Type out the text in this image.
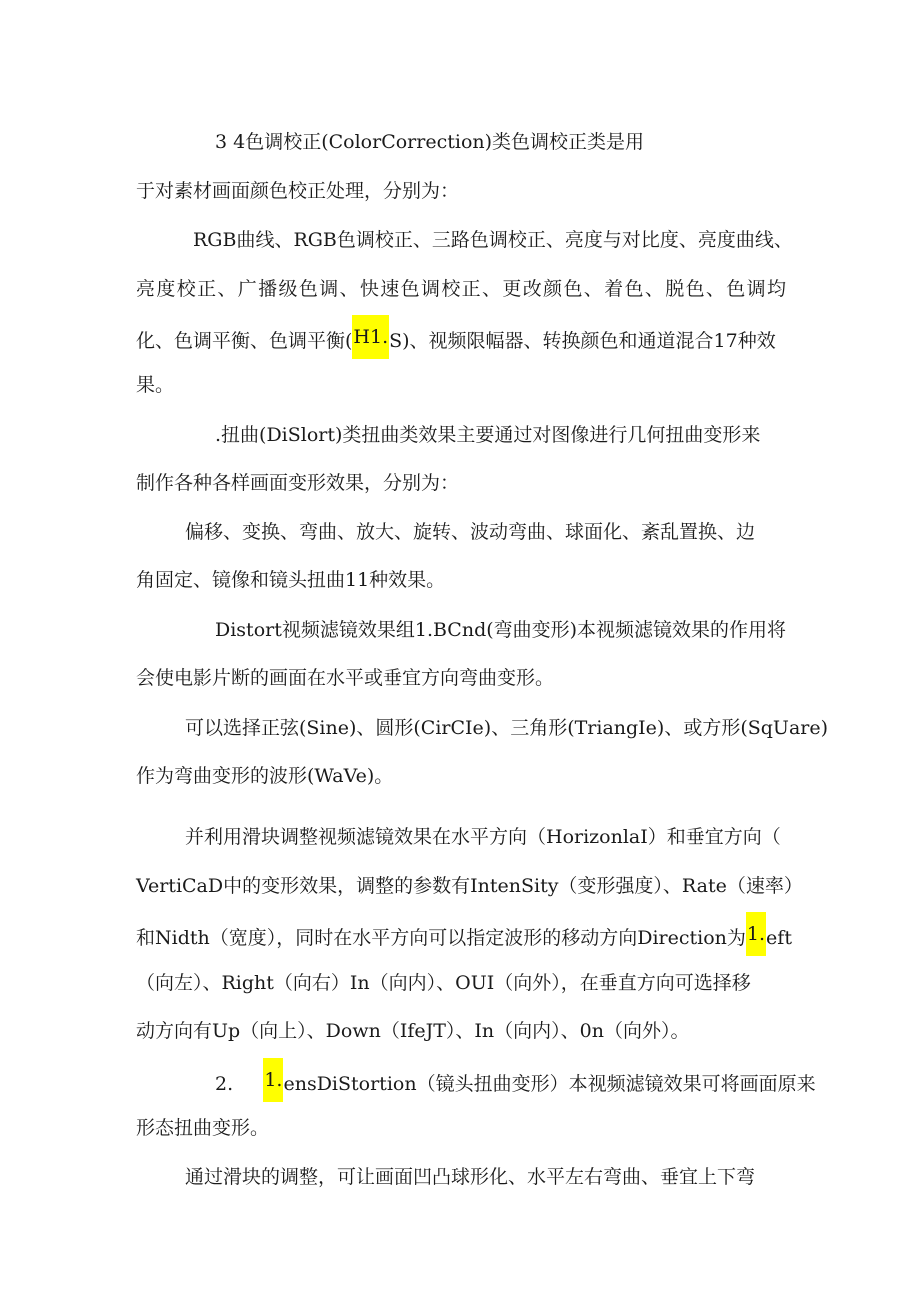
3 4色调校正(ColorCorrection)类色调校正类是用
于对素材画面颜色校正处理，分别为：
RGB曲线、RGB色调校正、三路色调校正、亮度与对比度、亮度曲线、
亮度校正、广播级色调、快速色调校正、更改颜色、着色、脱色、色调均
化、色调平衡、色调平衡(H1.S)、视频限幅器、转换颜色和通道混合17种效
果。
.扭曲(DiSlort)类扭曲类效果主要通过对图像进行几何扭曲变形来
制作各种各样画面变形效果，分别为：
偏移、变换、弯曲、放大、旋转、波动弯曲、球面化、紊乱置换、边
角固定、镜像和镜头扭曲11种效果。
Distort视频滤镜效果组1.BCnd(弯曲变形)本视频滤镜效果的作用将
会使电影片断的画面在水平或垂宜方向弯曲变形。
可以选择正弦(Sine)、圆形(CirCIe)、三角形(TriangIe)、或方形(SqUare)
作为弯曲变形的波形(WaVe)。
并利用滑块调整视频滤镜效果在水平方向（HorizonlaI）和垂宜方向（
VertiCaD中的变形效果，调整的参数有IntenSity（变形强度）、Rate（速率）
和Nidth（宽度），同时在水平方向可以指定波形的移动方向Direction为1.eft
（向左）、Right（向右）In（向内）、OUI（向外），在垂直方向可选择移
动方向有Up（向上）、Down（IfeJT）、In（向内）、0n（向外）。
2.     1.ensDiStortion（镜头扭曲变形）本视频滤镜效果可将画面原来
形态扭曲变形。
通过滑块的调整，可让画面凹凸球形化、水平左右弯曲、垂宜上下弯
